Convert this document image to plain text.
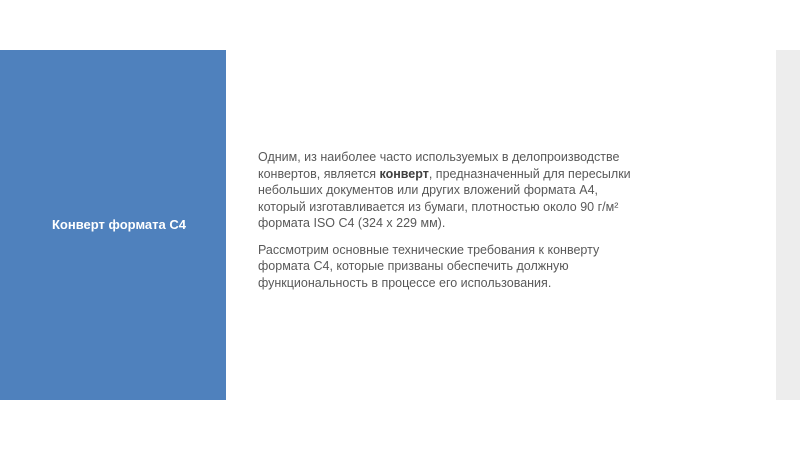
Конверт формата С4

Одним, из наиболее часто используемых в делопроизводстве
конвертов, является конверт, предназначенный для пересылки
небольших документов или других вложений формата А4,
который изготавливается из бумаги, плотностью около 90 г/м²
формата ISO C4 (324 х 229 мм).

Рассмотрим основные технические требования к конверту
формата С4, которые призваны обеспечить должную
функциональность в процессе его использования.
